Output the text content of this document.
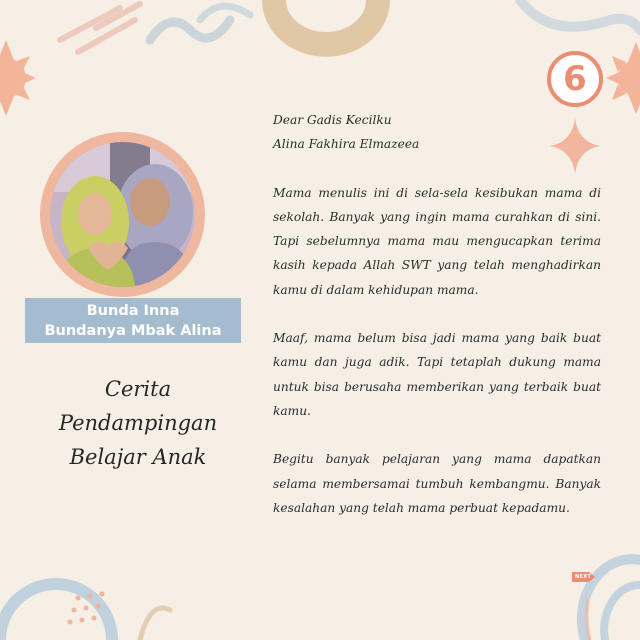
6
Bunda Inna
Bundanya Mbak Alina
Cerita Pendampingan
Belajar Anak

Dear Gadis Kecilku

Alina Fakhira Elmazeea

Mama menulis ini di sela-sela kesibukan mama di sekolah. Banyak yang ingin mama curahkan di sini. Tapi sebelumnya mama mau mengucapkan terima kasih kepada Allah SWT yang telah menghadirkan kamu di dalam kehidupan mama.

Maaf, mama belum bisa jadi mama yang baik buat kamu dan juga adik. Tapi tetaplah dukung mama untuk bisa berusaha memberikan yang terbaik buat kamu.

Begitu banyak pelajaran yang mama dapatkan selama membersamai tumbuh kembangmu. Banyak kesalahan yang telah mama perbuat kepadamu.

NEXT
